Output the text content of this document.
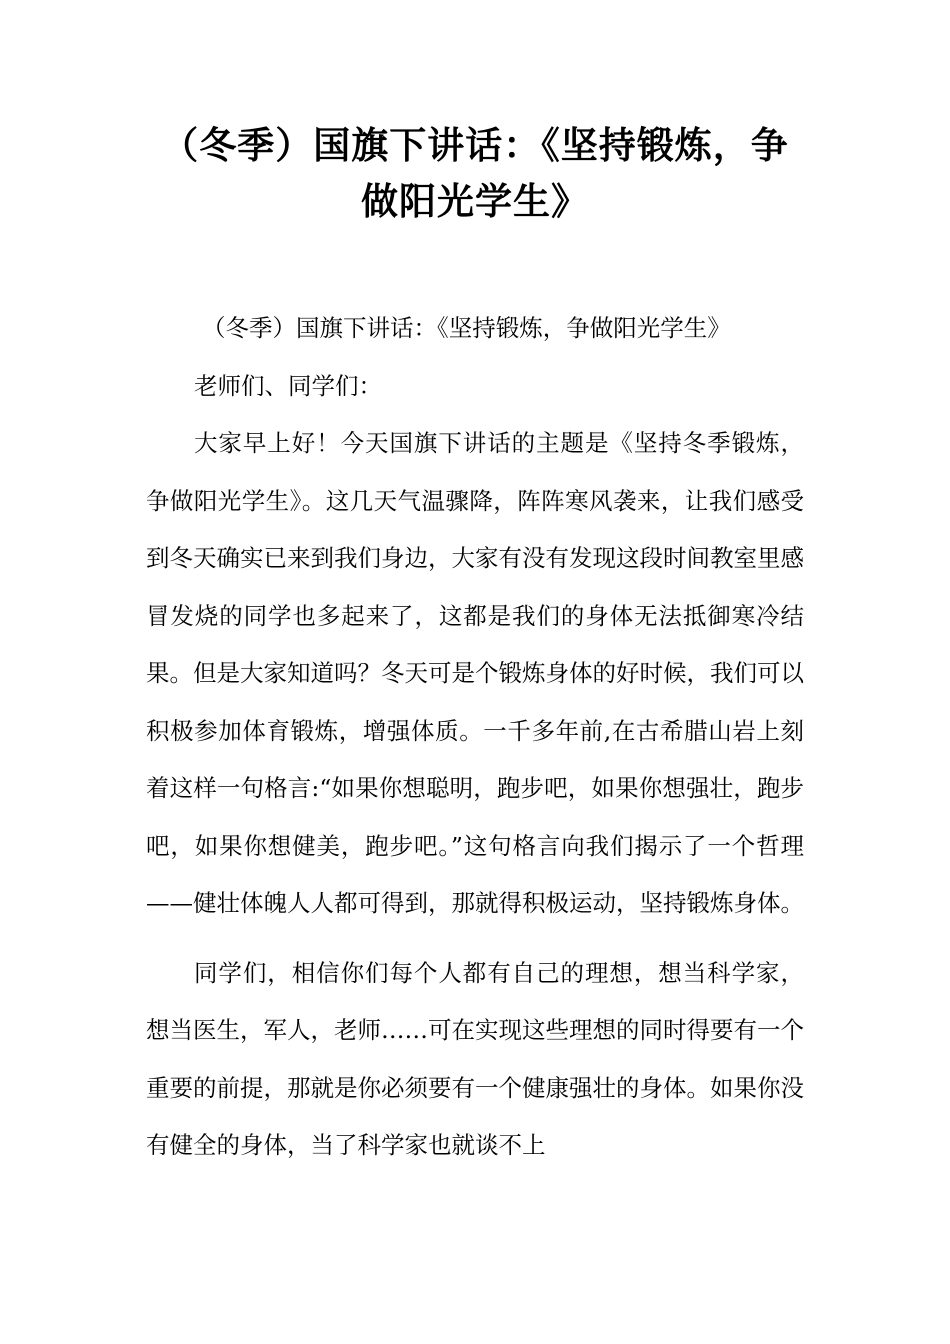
（冬季）国旗下讲话：《坚持锻炼，争
做阳光学生》

（冬季）国旗下讲话：《坚持锻炼，争做阳光学生》

老师们、同学们：

大家早上好！今天国旗下讲话的主题是《坚持冬季锻炼，争做阳光学生》。这几天气温骤降，阵阵寒风袭来，让我们感受到冬天确实已来到我们身边，大家有没有发现这段时间教室里感冒发烧的同学也多起来了，这都是我们的身体无法抵御寒冷结果。但是大家知道吗？冬天可是个锻炼身体的好时候，我们可以积极参加体育锻炼，增强体质。一千多年前,在古希腊山岩上刻着这样一句格言:“如果你想聪明，跑步吧，如果你想强壮，跑步吧，如果你想健美，跑步吧。”这句格言向我们揭示了一个哲理——健壮体魄人人都可得到，那就得积极运动，坚持锻炼身体。

同学们，相信你们每个人都有自己的理想，想当科学家，想当医生，军人，老师……可在实现这些理想的同时得要有一个重要的前提，那就是你必须要有一个健康强壮的身体。如果你没有健全的身体，当了科学家也就谈不上
